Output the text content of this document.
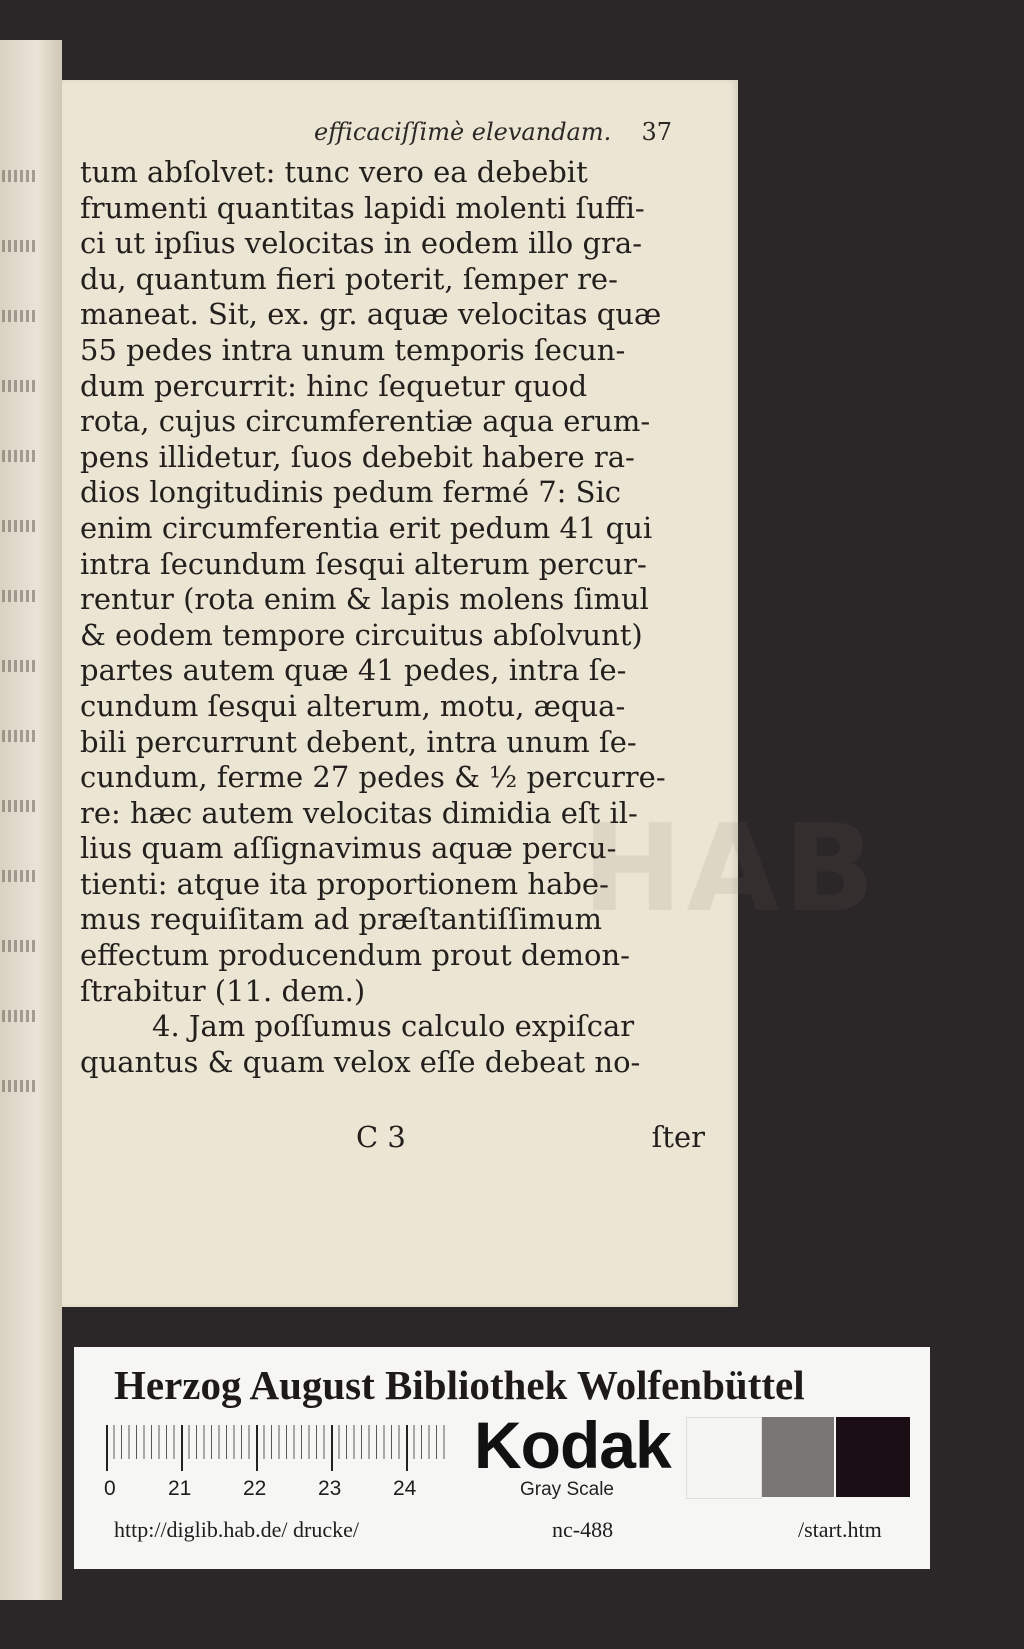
efficaciſſimè elevandam. 37
HAB
tum abſolvet: tunc vero ea debebit
frumenti quantitas lapidi molenti ſuffi-
ci ut ipſius velocitas in eodem illo gra-
du, quantum fieri poterit, ſemper re-
maneat. Sit, ex. gr. aquæ velocitas quæ
55 pedes intra unum temporis ſecun-
dum percurrit: hinc ſequetur quod
rota, cujus circumferentiæ aqua erum-
pens illidetur, ſuos debebit habere ra-
dios longitudinis pedum fermé 7: Sic
enim circumferentia erit pedum 41 qui
intra ſecundum ſesqui alterum percur-
rentur (rota enim & lapis molens ſimul
& eodem tempore circuitus abſolvunt)
partes autem quæ 41 pedes, intra ſe-
cundum ſesqui alterum, motu, æqua-
bili percurrunt debent, intra unum ſe-
cundum, ferme 27 pedes & ½ percurre-
re: hæc autem velocitas dimidia eſt il-
lius quam aſſignavimus aquæ percu-
tienti: atque ita proportionem habe-
mus requiſitam ad præſtantiſſimum
effectum producendum prout demon-
ſtrabitur (11. dem.)
4. Jam poſſumus calculo expiſcar
quantus & quam velox eſſe debeat no-
C 3	ſter
Herzog August Bibliothek Wolfenbüttel
0 21 22 23 24
Kodak
Gray Scale
http://diglib.hab.de/ drucke/	nc-488	/start.htm
